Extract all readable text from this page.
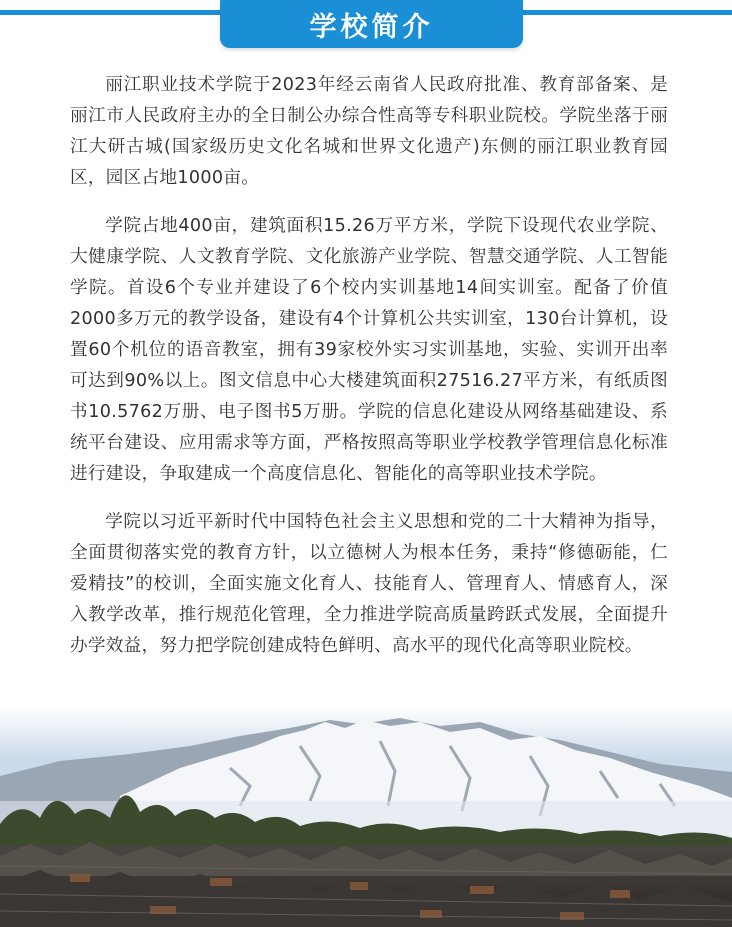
学校简介

丽江职业技术学院于2023年经云南省人民政府批准、教育部备案、是丽江市人民政府主办的全日制公办综合性高等专科职业院校。学院坐落于丽江大研古城(国家级历史文化名城和世界文化遗产)东侧的丽江职业教育园区，园区占地1000亩。

学院占地400亩，建筑面积15.26万平方米，学院下设现代农业学院、大健康学院、人文教育学院、文化旅游产业学院、智慧交通学院、人工智能学院。首设6个专业并建设了6个校内实训基地14间实训室。配备了价值2000多万元的教学设备，建设有4个计算机公共实训室，130台计算机，设置60个机位的语音教室，拥有39家校外实习实训基地，实验、实训开出率可达到90%以上。图文信息中心大楼建筑面积27516.27平方米，有纸质图书10.5762万册、电子图书5万册。学院的信息化建设从网络基础建设、系统平台建设、应用需求等方面，严格按照高等职业学校教学管理信息化标准进行建设，争取建成一个高度信息化、智能化的高等职业技术学院。

学院以习近平新时代中国特色社会主义思想和党的二十大精神为指导，全面贯彻落实党的教育方针，以立德树人为根本任务，秉持“修德砺能，仁爱精技”的校训，全面实施文化育人、技能育人、管理育人、情感育人，深入教学改革，推行规范化管理，全力推进学院高质量跨跃式发展，全面提升办学效益，努力把学院创建成特色鲜明、高水平的现代化高等职业院校。
